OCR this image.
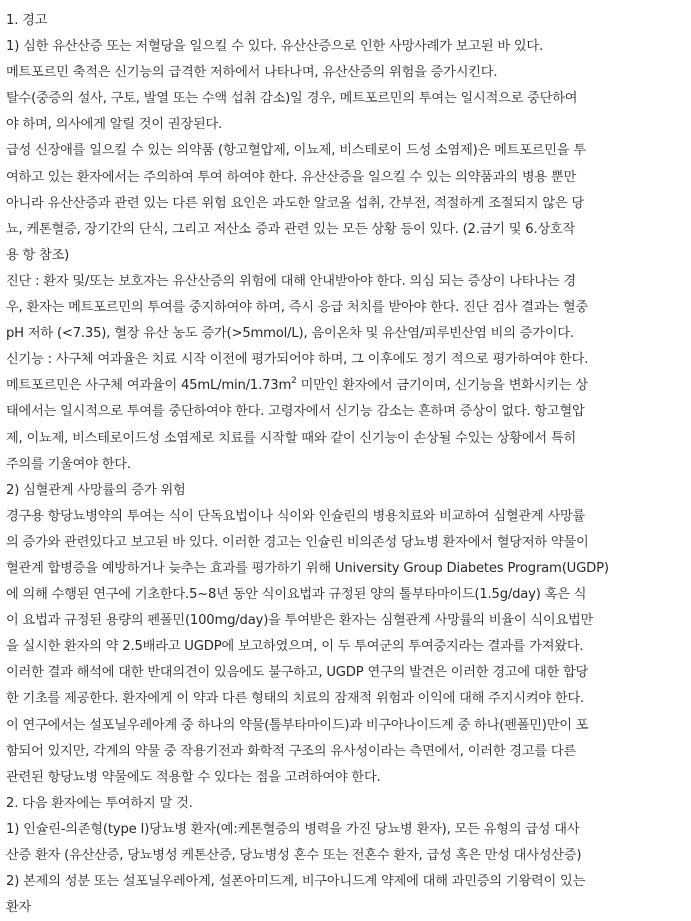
1. 경고
1) 심한 유산산증 또는 저혈당을 일으킬 수 있다. 유산산증으로 인한 사망사례가 보고된 바 있다.
메트포르민 축적은 신기능의 급격한 저하에서 나타나며, 유산산증의 위험을 증가시킨다.
탈수(중증의 설사, 구토, 발열 또는 수액 섭취 감소)일 경우, 메트포르민의 투여는 일시적으로 중단하여
야 하며, 의사에게 알릴 것이 권장된다.
급성 신장애를 일으킬 수 있는 의약품 (항고혈압제, 이뇨제, 비스테로이 드성 소염제)은 메트포르민을 투
여하고 있는 환자에서는 주의하여 투여 하여야 한다. 유산산증을 일으킬 수 있는 의약품과의 병용 뿐만
아니라 유산산증과 관련 있는 다른 위험 요인은 과도한 알코올 섭취, 간부전, 적절하게 조절되지 않은 당
뇨, 케톤혈증, 장기간의 단식, 그리고 저산소 증과 관련 있는 모든 상황 등이 있다. (2.금기 및 6.상호작
용 항 참조)
진단 : 환자 및/또는 보호자는 유산산증의 위험에 대해 안내받아야 한다. 의심 되는 증상이 나타나는 경
우, 환자는 메트포르민의 투여를 중지하여야 하며, 즉시 응급 처치를 받아야 한다. 진단 검사 결과는 혈중
pH 저하 (<7.35), 혈장 유산 농도 증가(>5mmol/L), 음이온차 및 유산염/피루빈산염 비의 증가이다.
신기능 : 사구체 여과율은 치료 시작 이전에 평가되어야 하며, 그 이후에도 정기 적으로 평가하여야 한다.
메트포르민은 사구체 여과율이 $45mL/\min/1.73m^2$ 미만인 환자에서 금기이며, 신기능을 변화시키는 상
태에서는 일시적으로 투여를 중단하여야 한다. 고령자에서 신기능 감소는 흔하며 증상이 없다. 항고혈압
제, 이뇨제, 비스테로이드성 소염제로 치료를 시작할 때와 같이 신기능이 손상될 수있는 상황에서 특히
주의를 기울여야 한다.
2) 심혈관계 사망률의 증가 위험
경구용 항당뇨병약의 투여는 식이 단독요법이나 식이와 인슐린의 병용치료와 비교하여 심혈관계 사망률
의 증가와 관련있다고 보고된 바 있다. 이러한 경고는 인슐린 비의존성 당뇨병 환자에서 혈당저하 약물이
혈관계 합병증을 예방하거나 늦추는 효과를 평가하기 위해 University Group Diabetes Program(UGDP)
에 의해 수행된 연구에 기초한다.5~8년 동안 식이요법과 규정된 양의 톨부타마이드(1.5g/day) 혹은 식
이 요법과 규정된 용량의 펜폴민(100mg/day)을 투여받은 환자는 심혈관계 사망률의 비율이 식이요법만
을 실시한 환자의 약 2.5배라고 UGDP에 보고하였으며, 이 두 투여군의 투여중지라는 결과를 가져왔다.
이러한 결과 해석에 대한 반대의견이 있음에도 불구하고, UGDP 연구의 발견은 이러한 경고에 대한 합당
한 기초를 제공한다. 환자에게 이 약과 다른 형태의 치료의 잠재적 위험과 이익에 대해 주지시켜야 한다.
이 연구에서는 설포닐우레아계 중 하나의 약물(톨부타마이드)과 비구아나이드계 중 하나(펜폴민)만이 포
함되어 있지만, 각계의 약물 중 작용기전과 화학적 구조의 유사성이라는 측면에서, 이러한 경고를 다른
관련된 항당뇨병 약물에도 적용할 수 있다는 점을 고려하여야 한다.
2. 다음 환자에는 투여하지 말 것.
1) 인슐린-의존형(type Ⅰ)당뇨병 환자(예:케톤혈증의 병력을 가진 당뇨병 환자), 모든 유형의 급성 대사
산증 환자 (유산산증, 당뇨병성 케톤산증, 당뇨병성 혼수 또는 전혼수 환자, 급성 혹은 만성 대사성산증)
2) 본제의 성분 또는 설포닐우레아계, 설폰아미드계, 비구아니드계 약제에 대해 과민증의 기왕력이 있는
환자
